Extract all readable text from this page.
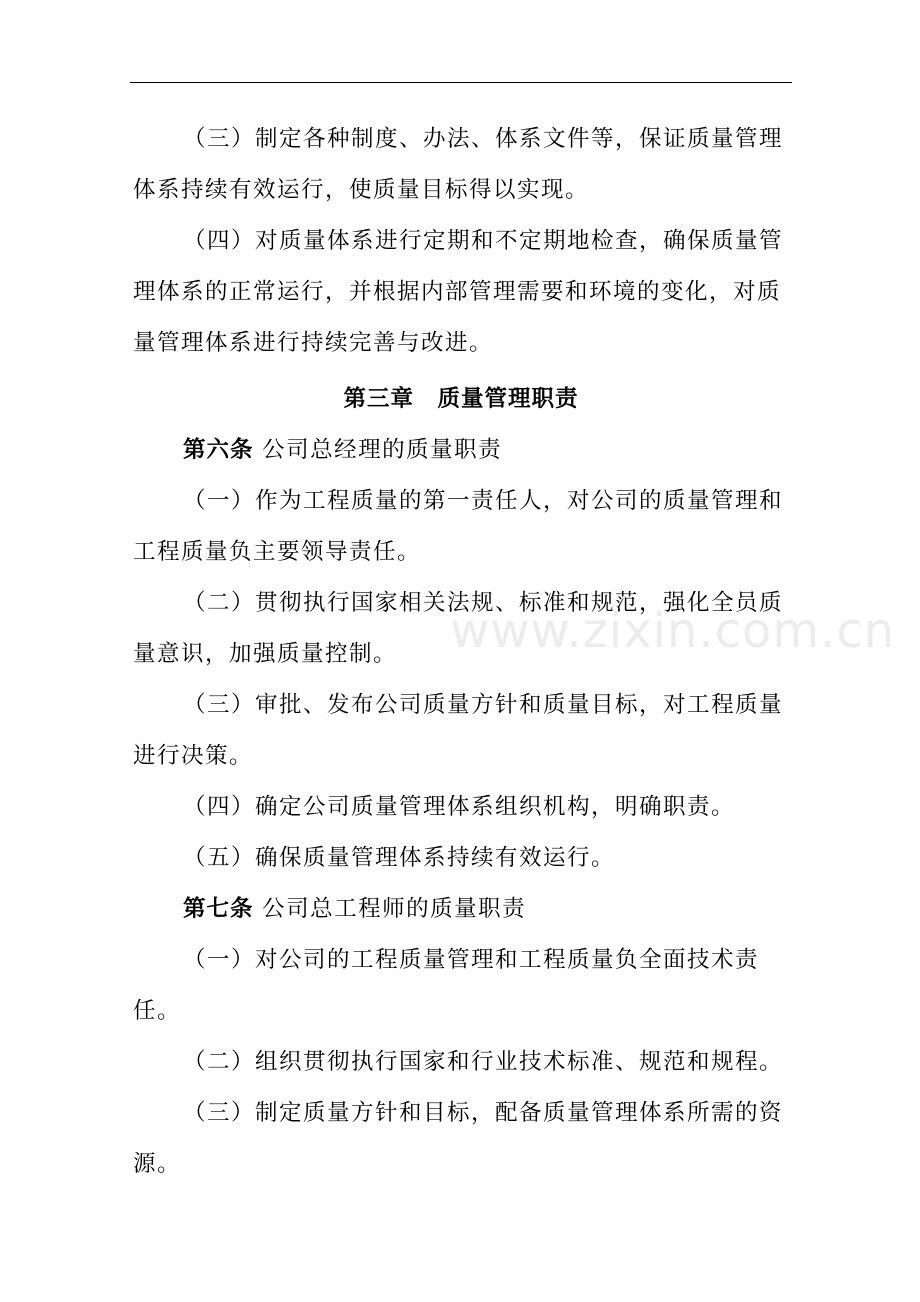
（三）制定各种制度、办法、体系文件等，保证质量管理

体系持续有效运行，使质量目标得以实现。

（四）对质量体系进行定期和不定期地检查，确保质量管

理体系的正常运行，并根据内部管理需要和环境的变化，对质

量管理体系进行持续完善与改进。

第三章　质量管理职责

第六条 公司总经理的质量职责

（一）作为工程质量的第一责任人，对公司的质量管理和

工程质量负主要领导责任。

（二）贯彻执行国家相关法规、标准和规范，强化全员质

量意识，加强质量控制。

（三）审批、发布公司质量方针和质量目标，对工程质量

进行决策。

（四）确定公司质量管理体系组织机构，明确职责。

（五）确保质量管理体系持续有效运行。

第七条 公司总工程师的质量职责

（一）对公司的工程质量管理和工程质量负全面技术责

任。

（二）组织贯彻执行国家和行业技术标准、规范和规程。

（三）制定质量方针和目标，配备质量管理体系所需的资

源。

www.zixin.com.cn
